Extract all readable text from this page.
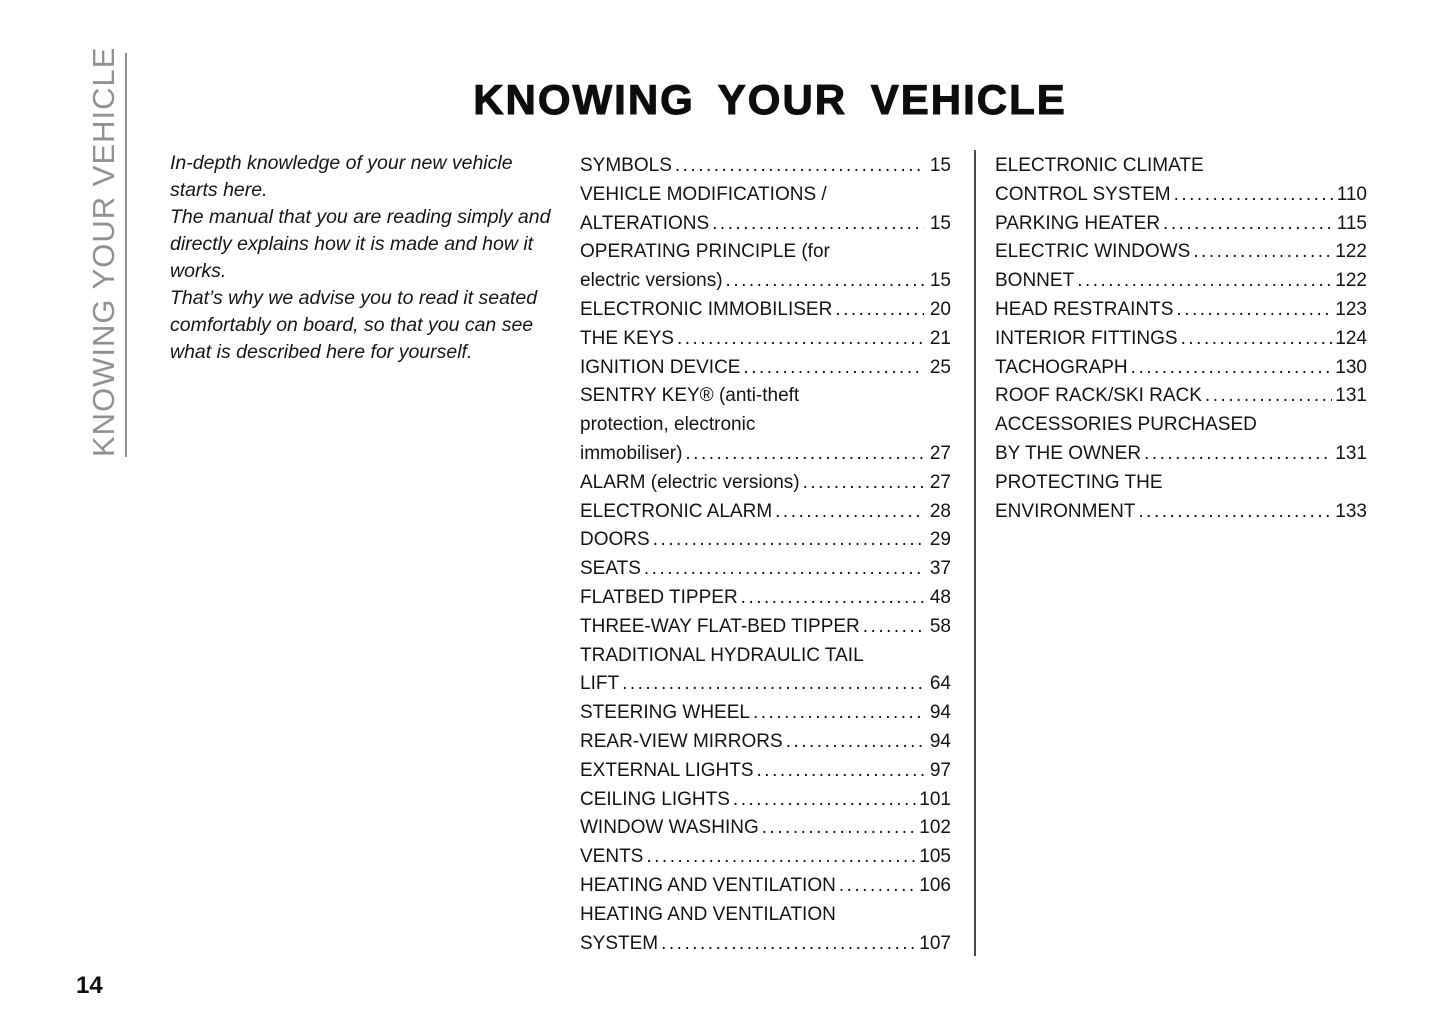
KNOWING YOUR VEHICLE	KNOWING YOUR VEHICLE

In-depth knowledge of your new vehicle starts here.

The manual that you are reading simply and directly explains how it is made and how it works.

That’s why we advise you to read it seated comfortably on board, so that you can see what is described here for yourself.

SYMBOLS .....	15
VEHICLE MODIFICATIONS /
ALTERATIONS .....	15
OPERATING PRINCIPLE (for
electric versions) .....	15
ELECTRONIC IMMOBILISER .....	20
THE KEYS .....	21
IGNITION DEVICE .....	25
SENTRY KEY® (anti-theft
protection, electronic
immobiliser) .....	27
ALARM (electric versions) .....	27
ELECTRONIC ALARM .....	28
DOORS .....	29
SEATS .....	37
FLATBED TIPPER .....	48
THREE-WAY FLAT-BED TIPPER .....	58
TRADITIONAL HYDRAULIC TAIL
LIFT .....	64
STEERING WHEEL .....	94
REAR-VIEW MIRRORS .....	94
EXTERNAL LIGHTS .....	97
CEILING LIGHTS .....	101
WINDOW WASHING .....	102
VENTS .....	105
HEATING AND VENTILATION .....	106
HEATING AND VENTILATION
SYSTEM .....	107
ELECTRONIC CLIMATE
CONTROL SYSTEM .....	110
PARKING HEATER .....	115
ELECTRIC WINDOWS .....	122
BONNET .....	122
HEAD RESTRAINTS .....	123
INTERIOR FITTINGS .....	124
TACHOGRAPH .....	130
ROOF RACK/SKI RACK .....	131
ACCESSORIES PURCHASED
BY THE OWNER .....	131
PROTECTING THE
ENVIRONMENT .....	133
14
